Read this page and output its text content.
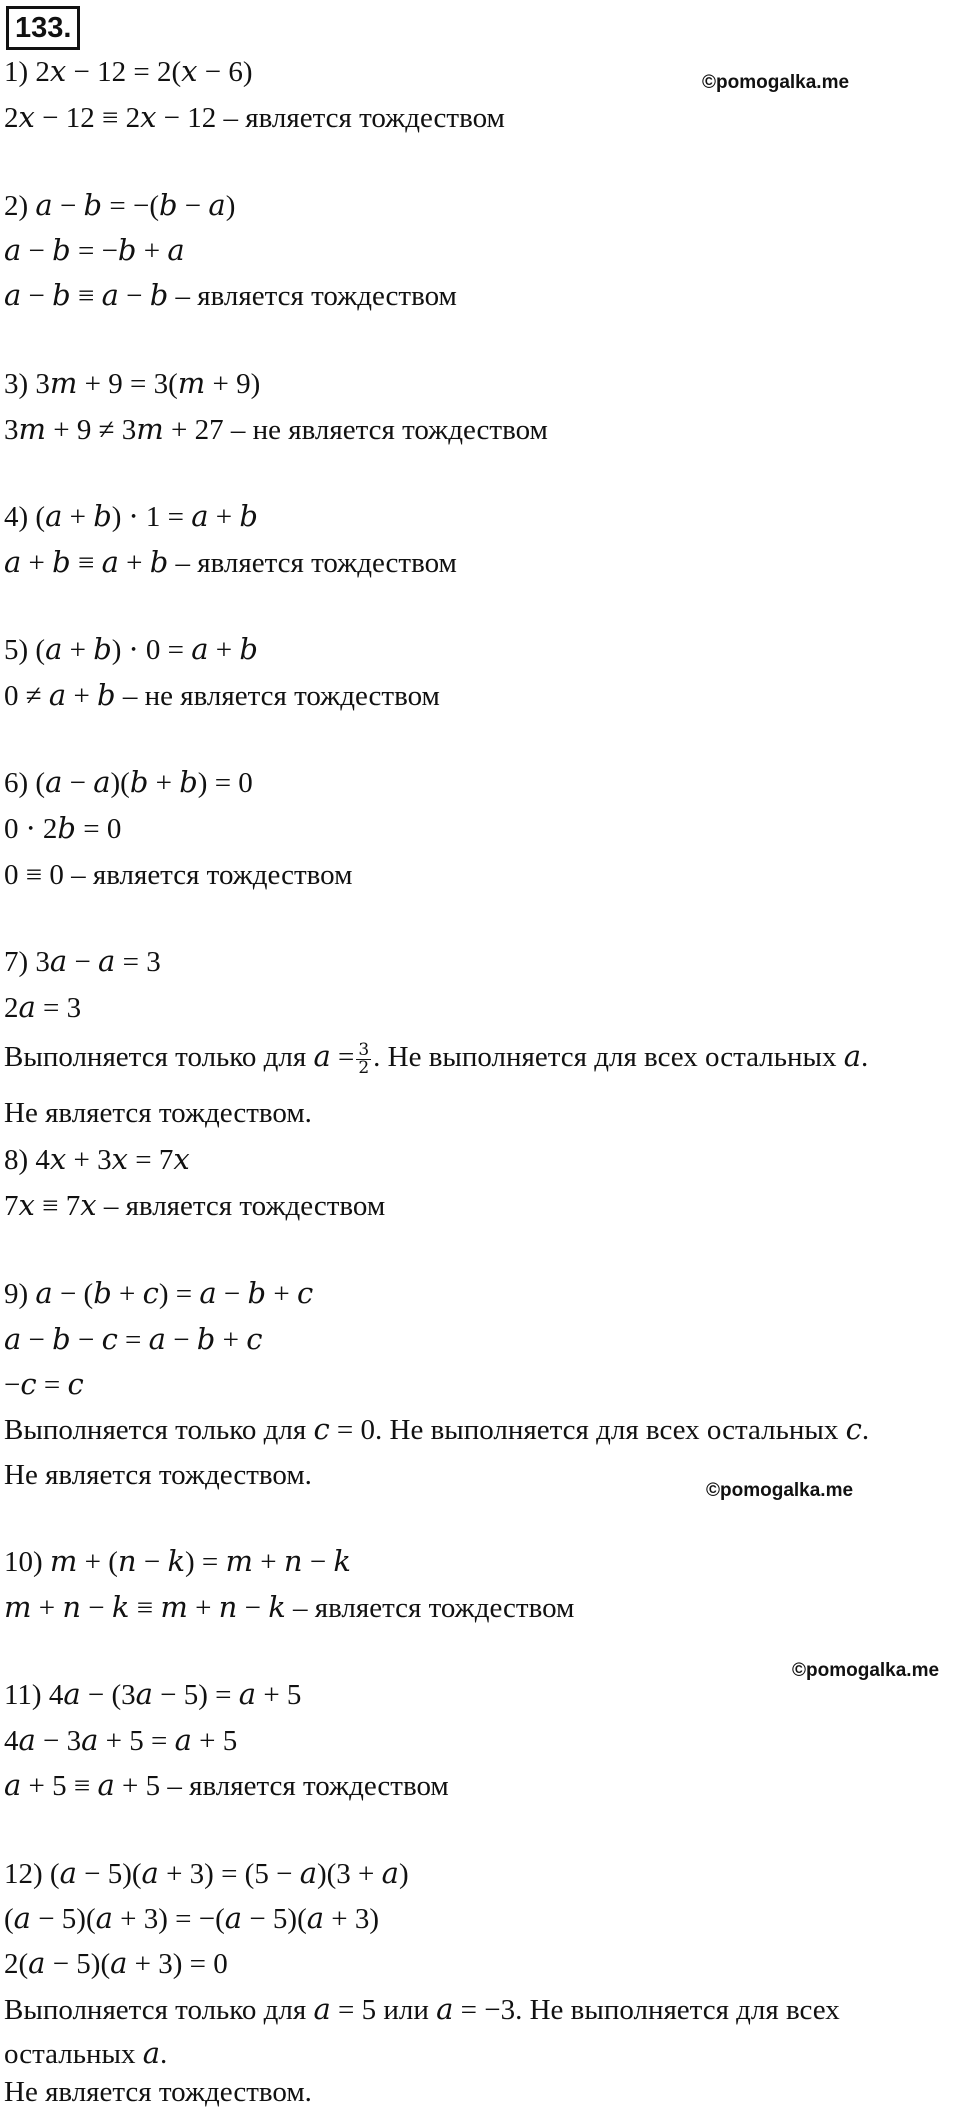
133.
©pomogalka.me
©pomogalka.me
©pomogalka.me
1) 2𝑥 − 12 = 2(𝑥 − 6)
2𝑥 − 12 ≡ 2𝑥 − 12 – является тождеством
2) 𝑎 − 𝑏 = −(𝑏 − 𝑎)
𝑎 − 𝑏 = −𝑏 + 𝑎
𝑎 − 𝑏 ≡ 𝑎 − 𝑏 – является тождеством
3) 3𝑚 + 9 = 3(𝑚 + 9)
3𝑚 + 9 ≠ 3𝑚 + 27 – не является тождеством
4) (𝑎 + 𝑏) ⋅ 1 = 𝑎 + 𝑏
𝑎 + 𝑏 ≡ 𝑎 + 𝑏 – является тождеством
5) (𝑎 + 𝑏) ⋅ 0 = 𝑎 + 𝑏
0 ≠ 𝑎 + 𝑏 – не является тождеством
6) (𝑎 − 𝑎)(𝑏 + 𝑏) = 0
0 ⋅ 2𝑏 = 0
0 ≡ 0 – является тождеством
7) 3𝑎 − 𝑎 = 3
2𝑎 = 3
Выполняется только для 𝑎 = $\frac{3}{2}$ . Не выполняется для всех остальных 𝑎.
Не является тождеством.
8) 4𝑥 + 3𝑥 = 7𝑥
7𝑥 ≡ 7𝑥 – является тождеством
9) 𝑎 − (𝑏 + 𝑐) = 𝑎 − 𝑏 + 𝑐
𝑎 − 𝑏 − 𝑐 = 𝑎 − 𝑏 + 𝑐
−𝑐 = 𝑐
Выполняется только для 𝑐 = 0. Не выполняется для всех остальных 𝑐.
Не является тождеством.
10) 𝑚 + (𝑛 − 𝑘) = 𝑚 + 𝑛 − 𝑘
𝑚 + 𝑛 − 𝑘 ≡ 𝑚 + 𝑛 − 𝑘 – является тождеством
11) 4𝑎 − (3𝑎 − 5) = 𝑎 + 5
4𝑎 − 3𝑎 + 5 = 𝑎 + 5
𝑎 + 5 ≡ 𝑎 + 5 – является тождеством
12) (𝑎 − 5)(𝑎 + 3) = (5 − 𝑎)(3 + 𝑎)
(𝑎 − 5)(𝑎 + 3) = −(𝑎 − 5)(𝑎 + 3)
2(𝑎 − 5)(𝑎 + 3) = 0
Выполняется только для 𝑎 = 5 или 𝑎 = −3. Не выполняется для всех
остальных 𝑎.
Не является тождеством.
